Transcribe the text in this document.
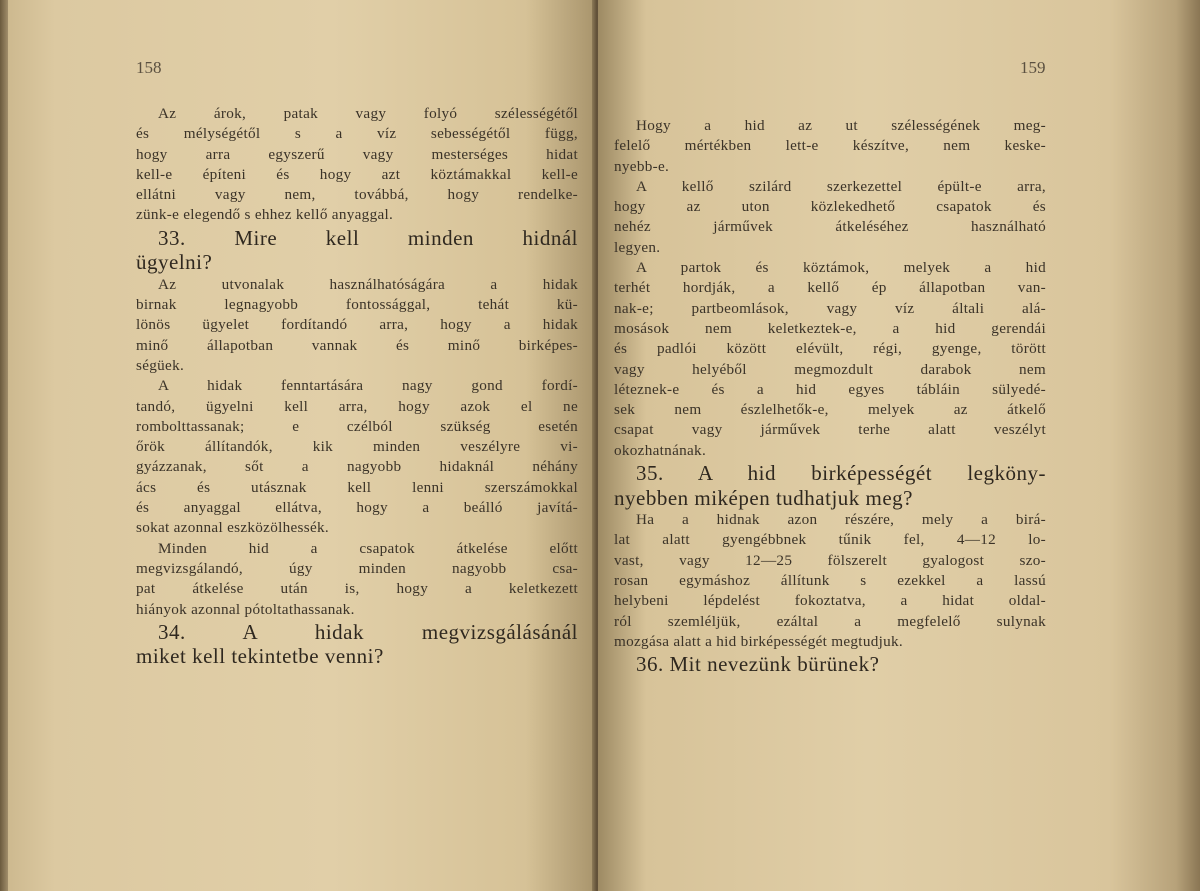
158
Az árok, patak vagy folyó szélességétől
és mélységétől s a víz sebességétől függ,
hogy arra egyszerű vagy mesterséges hidat
kell-e építeni és hogy azt köztámakkal kell-e
ellátni vagy nem, továbbá, hogy rendelke-
zünk-e elegendő s ehhez kellő anyaggal.
33. Mire kell minden hidnál
ügyelni?
Az utvonalak használhatóságára a hidak
birnak legnagyobb fontossággal, tehát kü-
lönös ügyelet fordítandó arra, hogy a hidak
minő állapotban vannak és minő birképes-
ségüek.
A hidak fenntartására nagy gond fordí-
tandó, ügyelni kell arra, hogy azok el ne
rombolttassanak; e czélból szükség esetén
őrök állítandók, kik minden veszélyre vi-
gyázzanak, sőt a nagyobb hidaknál néhány
ács és utásznak kell lenni szerszámokkal
és anyaggal ellátva, hogy a beálló javítá-
sokat azonnal eszközölhessék.
Minden hid a csapatok átkelése előtt
megvizsgálandó, úgy minden nagyobb csa-
pat átkelése után is, hogy a keletkezett
hiányok azonnal pótoltathassanak.
34. A hidak megvizsgálásánál
miket kell tekintetbe venni?
159
Hogy a hid az ut szélességének meg-
felelő mértékben lett-e készítve, nem keske-
nyebb-e.
A kellő szilárd szerkezettel épült-e arra,
hogy az uton közlekedhető csapatok és
nehéz járművek átkeléséhez használható
legyen.
A partok és köztámok, melyek a hid
terhét hordják, a kellő ép állapotban van-
nak-e; partbeomlások, vagy víz általi alá-
mosások nem keletkeztek-e, a hid gerendái
és padlói között elévült, régi, gyenge, törött
vagy helyéből megmozdult darabok nem
léteznek-e és a hid egyes tábláin sülyedé-
sek nem észlelhetők-e, melyek az átkelő
csapat vagy járművek terhe alatt veszélyt
okozhatnának.
35. A hid birképességét legköny-
nyebben miképen tudhatjuk meg?
Ha a hidnak azon részére, mely a birá-
lat alatt gyengébbnek tűnik fel, 4—12 lo-
vast, vagy 12—25 fölszerelt gyalogost szo-
rosan egymáshoz állítunk s ezekkel a lassú
helybeni lépdelést fokoztatva, a hidat oldal-
ról szemléljük, ezáltal a megfelelő sulynak
mozgása alatt a hid birképességét megtudjuk.
36. Mit nevezünk bürünek?
